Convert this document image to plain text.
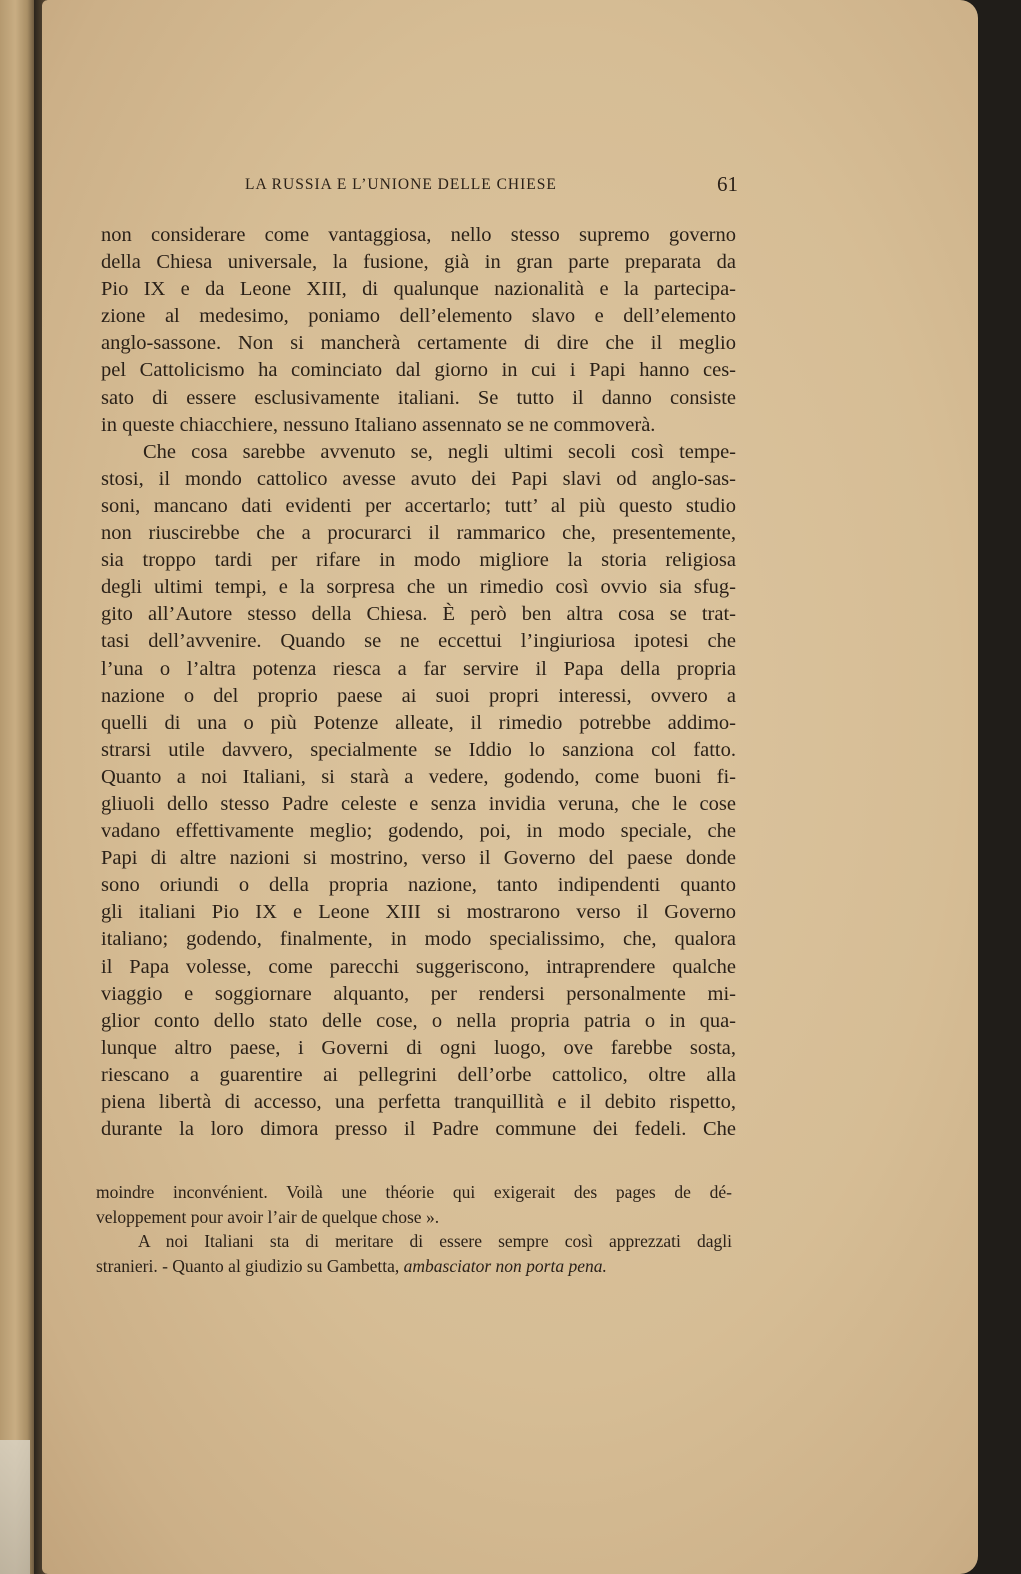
LA RUSSIA E L’UNIONE DELLE CHIESE	61
non considerare come vantaggiosa, nello stesso supremo governo
della Chiesa universale, la fusione, già in gran parte preparata da
Pio IX e da Leone XIII, di qualunque nazionalità e la partecipa-
zione al medesimo, poniamo dell’elemento slavo e dell’elemento
anglo-sassone. Non si mancherà certamente di dire che il meglio
pel Cattolicismo ha cominciato dal giorno in cui i Papi hanno ces-
sato di essere esclusivamente italiani. Se tutto il danno consiste
in queste chiacchiere, nessuno Italiano assennato se ne commoverà.
Che cosa sarebbe avvenuto se, negli ultimi secoli così tempe-
stosi, il mondo cattolico avesse avuto dei Papi slavi od anglo-sas-
soni, mancano dati evidenti per accertarlo; tutt’ al più questo studio
non riuscirebbe che a procurarci il rammarico che, presentemente,
sia troppo tardi per rifare in modo migliore la storia religiosa
degli ultimi tempi, e la sorpresa che un rimedio così ovvio sia sfug-
gito all’Autore stesso della Chiesa. È però ben altra cosa se trat-
tasi dell’avvenire. Quando se ne eccettui l’ingiuriosa ipotesi che
l’una o l’altra potenza riesca a far servire il Papa della propria
nazione o del proprio paese ai suoi propri interessi, ovvero a
quelli di una o più Potenze alleate, il rimedio potrebbe addimo-
strarsi utile davvero, specialmente se Iddio lo sanziona col fatto.
Quanto a noi Italiani, si starà a vedere, godendo, come buoni fi-
gliuoli dello stesso Padre celeste e senza invidia veruna, che le cose
vadano effettivamente meglio; godendo, poi, in modo speciale, che
Papi di altre nazioni si mostrino, verso il Governo del paese donde
sono oriundi o della propria nazione, tanto indipendenti quanto
gli italiani Pio IX e Leone XIII si mostrarono verso il Governo
italiano; godendo, finalmente, in modo specialissimo, che, qualora
il Papa volesse, come parecchi suggeriscono, intraprendere qualche
viaggio e soggiornare alquanto, per rendersi personalmente mi-
glior conto dello stato delle cose, o nella propria patria o in qua-
lunque altro paese, i Governi di ogni luogo, ove farebbe sosta,
riescano a guarentire ai pellegrini dell’orbe cattolico, oltre alla
piena libertà di accesso, una perfetta tranquillità e il debito rispetto,
durante la loro dimora presso il Padre commune dei fedeli. Che
moindre inconvénient. Voilà une théorie qui exigerait des pages de dé-
veloppement pour avoir l’air de quelque chose ».
A noi Italiani sta di meritare di essere sempre così apprezzati dagli
stranieri. - Quanto al giudizio su Gambetta, ambasciator non porta pena.
